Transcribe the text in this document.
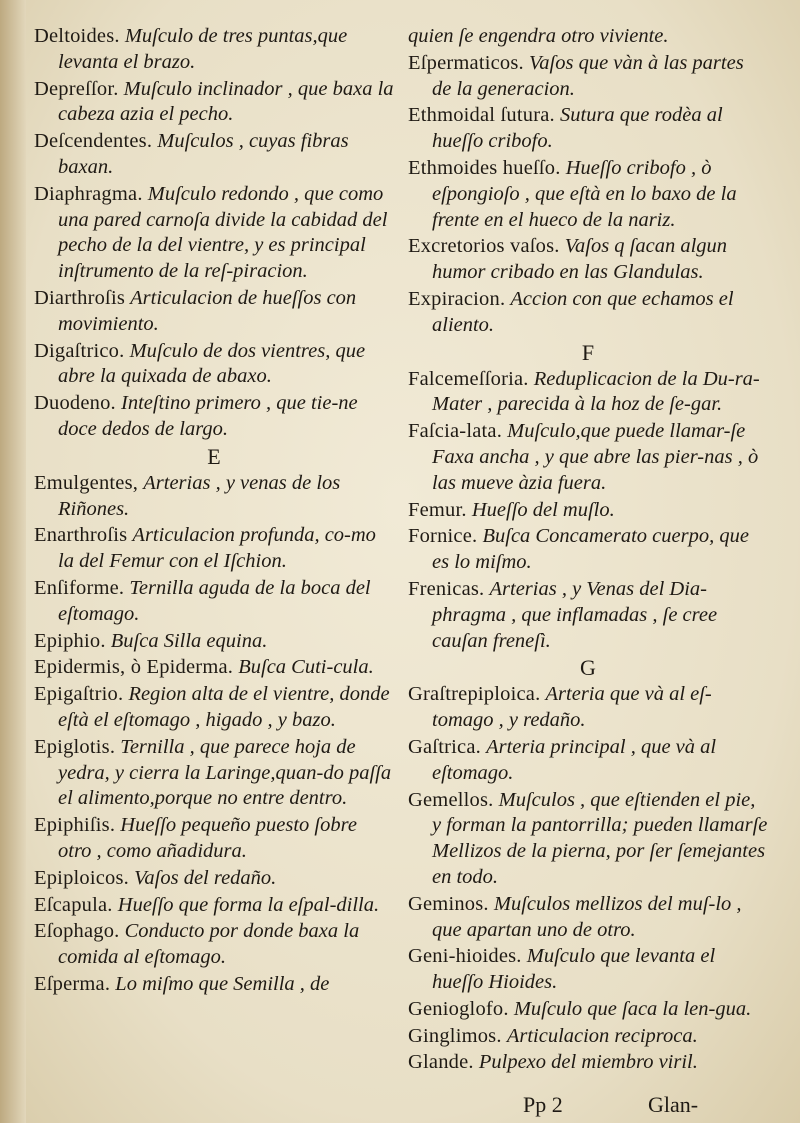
Deltoides. Muſculo de tres puntas,que levanta el brazo.
Depreſſor. Muſculo inclinador , que baxa la cabeza azia el pecho.
Deſcendentes. Muſculos , cuyas fibras baxan.
Diaphragma. Muſculo redondo , que como una pared carnoſa divide la cabidad del pecho de la del vientre, y es principal inſtrumento de la reſ-piracion.
Diarthroſis Articulacion de hueſſos con movimiento.
Digaſtrico. Muſculo de dos vientres, que abre la quixada de abaxo.
Duodeno. Inteſtino primero , que tie-ne doce dedos de largo.
E
Emulgentes, Arterias , y venas de los Riñones.
Enarthroſis Articulacion profunda, co-mo la del Femur con el Iſchion.
Enſiforme. Ternilla aguda de la boca del eſtomago.
Epiphio. Buſca Silla equina.
Epidermis, ò Epiderma. Buſca Cuti-cula.
Epigaſtrio. Region alta de el vientre, donde eſtà el eſtomago , higado , y bazo.
Epiglotis. Ternilla , que parece hoja de yedra, y cierra la Laringe,quan-do paſſa el alimento,porque no entre dentro.
Epiphiſis. Hueſſo pequeño puesto ſobre otro , como añadidura.
Epiploicos. Vaſos del redaño.
Eſcapula. Hueſſo que forma la eſpal-dilla.
Eſophago. Conducto por donde baxa la comida al eſtomago.
Eſperma. Lo miſmo que Semilla , de
quien ſe engendra otro viviente.
Eſpermaticos. Vaſos que vàn à las partes de la generacion.
Ethmoidal ſutura. Sutura que rodèa al hueſſo cribofo.
Ethmoides hueſſo. Hueſſo cribofo , ò eſpongioſo , que eſtà en lo baxo de la frente en el hueco de la nariz.
Excretorios vaſos. Vaſos q ſacan algun humor cribado en las Glandulas.
Expiracion. Accion con que echamos el aliento.
F
Falcemeſſoria. Reduplicacion de la Du-ra-Mater , parecida à la hoz de ſe-gar.
Faſcia-lata. Muſculo,que puede llamar-ſe Faxa ancha , y que abre las pier-nas , ò las mueve àzia fuera.
Femur. Hueſſo del muſlo.
Fornice. Buſca Concamerato cuerpo, que es lo miſmo.
Frenicas. Arterias , y Venas del Dia-phragma , que inflamadas , ſe cree cauſan freneſì.
G
Graſtrepiploica. Arteria que và al eſ-tomago , y redaño.
Gaſtrica. Arteria principal , que và al eſtomago.
Gemellos. Muſculos , que eſtienden el pie, y forman la pantorrilla; pueden llamarſe Mellizos de la pierna, por ſer ſemejantes en todo.
Geminos. Muſculos mellizos del muſ-lo , que apartan uno de otro.
Geni-hioides. Muſculo que levanta el hueſſo Hioides.
Genioglofo. Muſculo que ſaca la len-gua.
Ginglimos. Articulacion reciproca.
Glande. Pulpexo del miembro viril.
Pp 2	Glan-
